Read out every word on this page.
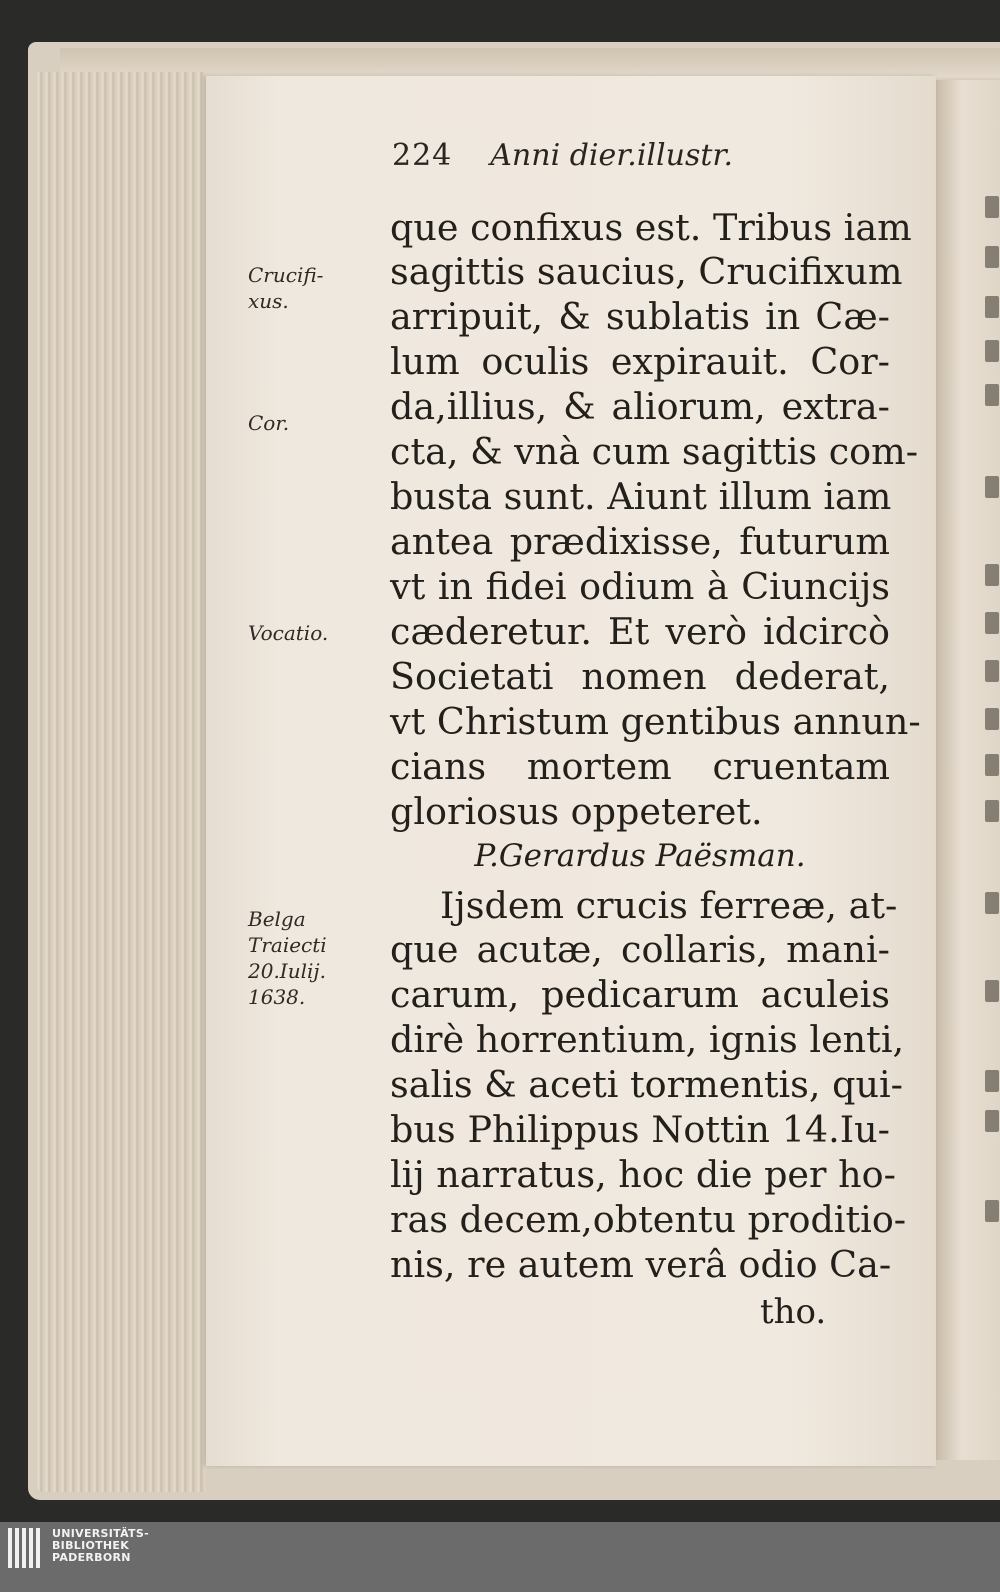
224 Anni dier.illustr.
que confixus est. Tribus iam
sagittis saucius, Crucifixum
arripuit, & sublatis in Cæ-
lum oculis expirauit. Cor-
da,illius, & aliorum, extra-
cta, & vnà cum sagittis com-
busta sunt. Aiunt illum iam
antea prædixisse, futurum
vt in fidei odium à Ciuncijs
cæderetur. Et verò idcircò
Societati nomen dederat,
vt Christum gentibus annun-
cians mortem cruentam
gloriosus oppeteret.
P.Gerardus Paësman.
Ijsdem crucis ferreæ, at-
que acutæ, collaris, mani-
carum, pedicarum aculeis
dirè horrentium, ignis lenti,
salis & aceti tormentis, qui-
bus Philippus Nottin 14.Iu-
lij narratus, hoc die per ho-
ras decem,obtentu proditio-
nis, re autem verâ odio Ca-
tho.
Crucifi-
xus.
Cor.
Vocatio.
Belga
Traiecti
20.Iulij.
1638.
UNIVERSITÄTS-
BIBLIOTHEK
PADERBORN
